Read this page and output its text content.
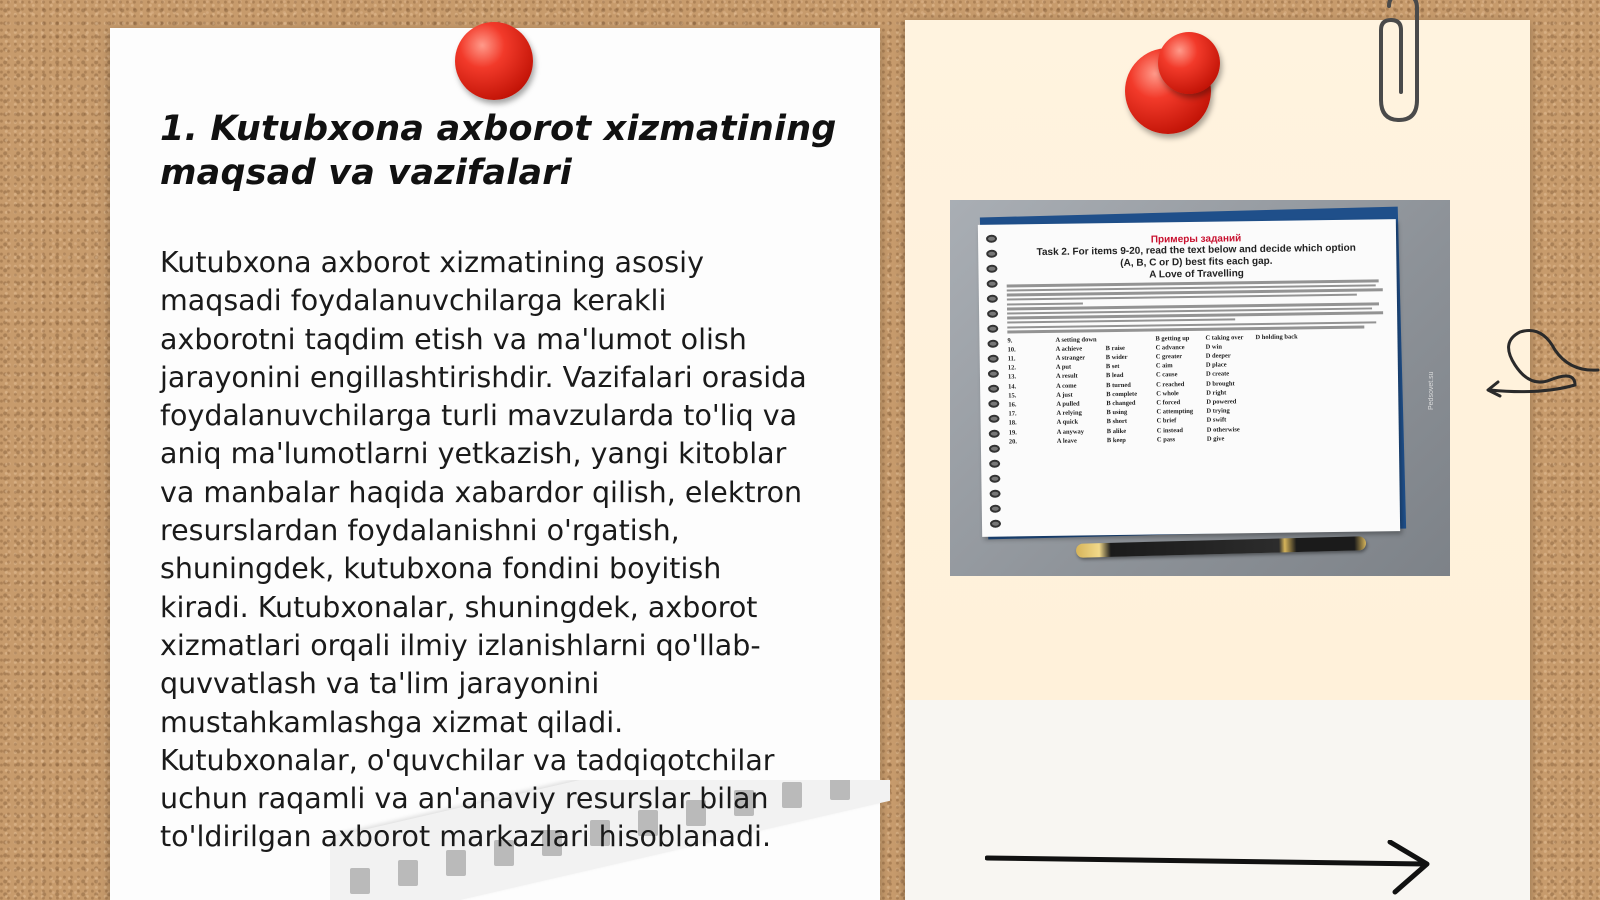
1. Kutubxona axborot xizmatining
maqsad va vazifalari
Kutubxona axborot xizmatining asosiy
maqsadi foydalanuvchilarga kerakli
axborotni taqdim etish va ma'lumot olish
jarayonini engillashtirishdir. Vazifalari orasida
foydalanuvchilarga turli mavzularda to'liq va
aniq ma'lumotlarni yetkazish, yangi kitoblar
va manbalar haqida xabardor qilish, elektron
resurslardan foydalanishni o'rgatish,
shuningdek, kutubxona fondini boyitish
kiradi. Kutubxonalar, shuningdek, axborot
xizmatlari orqali ilmiy izlanishlarni qo'llab-
quvvatlash va ta'lim jarayonini
mustahkamlashga xizmat qiladi.
Kutubxonalar, o'quvchilar va tadqiqotchilar
uchun raqamli va an'anaviy resurslar bilan
to'ldirilgan axborot markazlari hisoblanadi.
Примеры заданий
Task 2. For items 9-20, read the text below and decide which option
(A, B, C or D) best fits each gap.
A Love of Travelling
9.	A setting down	B getting up	C taking over	D holding back
10.	A achieve	B raise	C advance	D win
11.	A stranger	B wider	C greater	D deeper
12.	A put	B set	C aim	D place
13.	A result	B lead	C cause	D create
14.	A come	B turned	C reached	D brought
15.	A just	B complete	C whole	D right
16.	A pulled	B changed	C forced	D powered
17.	A relying	B using	C attempting	D trying
18.	A quick	B short	C brief	D swift
19.	A anyway	B alike	C instead	D otherwise
20.	A leave	B keep	C pass	D give
Pedsovet.su
